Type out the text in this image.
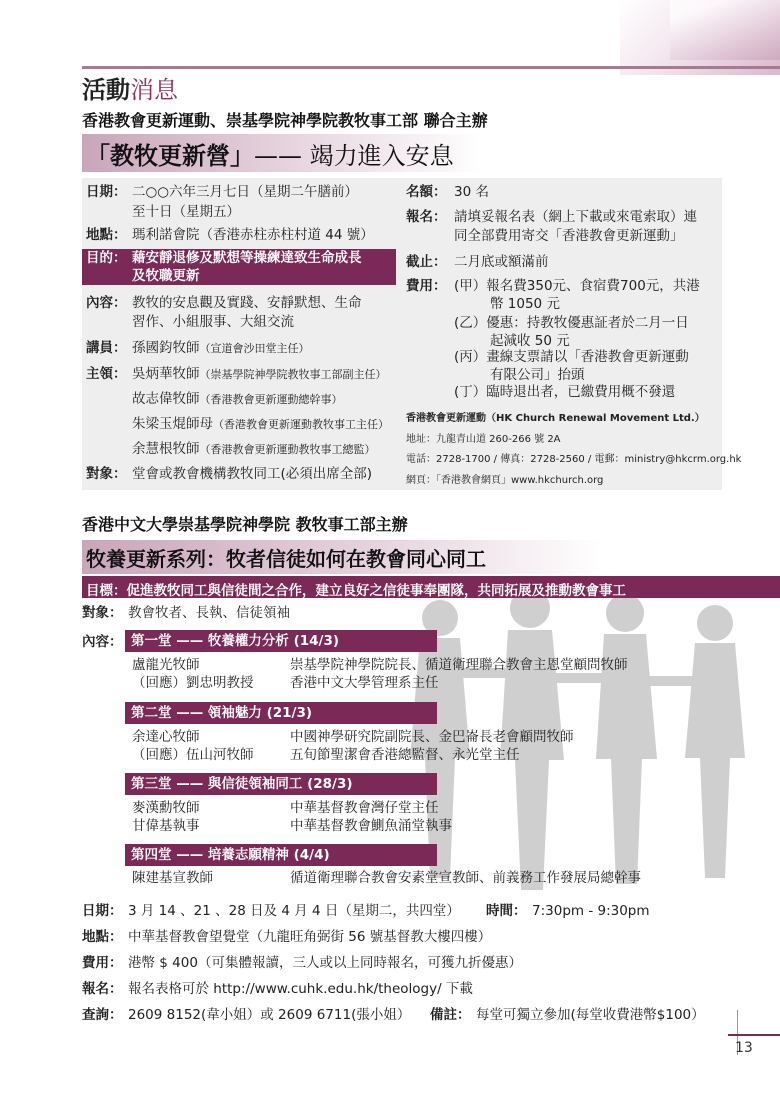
活動消息
香港教會更新運動、崇基學院神學院教牧事工部 聯合主辦
「教牧更新營」—— 竭力進入安息
目的： 藉安靜退修及默想等操練達致生命成長
及牧職更新
日期： 二○○六年三月七日（星期二午膳前）
至十日（星期五）
地點： 瑪利諾會院（香港赤柱赤柱村道 44 號）
內容： 教牧的安息觀及實踐、安靜默想、生命
習作、小組服事、大組交流
講員： 孫國鈞牧師（宣道會沙田堂主任）
主領： 吳炳華牧師（崇基學院神學院教牧事工部副主任）
故志偉牧師（香港教會更新運動總幹事）
朱梁玉焜師母（香港教會更新運動教牧事工主任）
余慧根牧師（香港教會更新運動教牧事工總監）
對象： 堂會或教會機構教牧同工(必須出席全部)
名額： 30 名
報名： 請填妥報名表（網上下載或來電索取）連
同全部費用寄交「香港教會更新運動」
截止： 二月底或額滿前
費用： (甲）報名費350元、食宿費700元，共港
幣 1050 元
(乙）優惠：持教牧優惠証者於二月一日
起減收 50 元
(丙）畫線支票請以「香港教會更新運動
有限公司」抬頭
(丁）臨時退出者，已繳費用概不發還
香港教會更新運動（HK Church Renewal Movement Ltd.）
地址：九龍青山道 260-266 號 2A
電話：2728-1700 / 傳真：2728-2560 / 電郵：ministry@hkcrm.org.hk
網頁：「香港教會網頁」www.hkchurch.org
香港中文大學崇基學院神學院 教牧事工部主辦
牧養更新系列：牧者信徒如何在教會同心同工
目標：促進教牧同工與信徒間之合作，建立良好之信徒事奉團隊，共同拓展及推動教會事工
對象： 教會牧者、長執、信徒領袖
內容： 第一堂 —— 牧養權力分析 (14/3)
盧龍光牧師	崇基學院神學院院長、循道衛理聯合教會主恩堂顧問牧師
（回應）劉忠明教授	香港中文大學管理系主任
第二堂 —— 領袖魅力 (21/3)
余達心牧師	中國神學研究院副院長、金巴崙長老會顧問牧師
（回應）伍山河牧師	五旬節聖潔會香港總監督、永光堂主任
第三堂 —— 與信徒領袖同工 (28/3)
麥漢勳牧師	中華基督教會灣仔堂主任
甘偉基執事	中華基督教會鰂魚涌堂執事
第四堂 —— 培養志願精神 (4/4)
陳建基宣教師	循道衛理聯合教會安素堂宣教師、前義務工作發展局總幹事
日期： 3 月 14 、21 、28 日及 4 月 4 日（星期二，共四堂） 時間： 7:30pm - 9:30pm
地點： 中華基督教會望覺堂（九龍旺角弼街 56 號基督教大樓四樓）
費用： 港幣 $ 400（可集體報讀，三人或以上同時報名，可獲九折優惠）
報名： 報名表格可於 http://www.cuhk.edu.hk/theology/ 下載
查詢： 2609 8152(韋小姐）或 2609 6711(張小姐） 備註： 每堂可獨立參加(每堂收費港幣$100）
13
